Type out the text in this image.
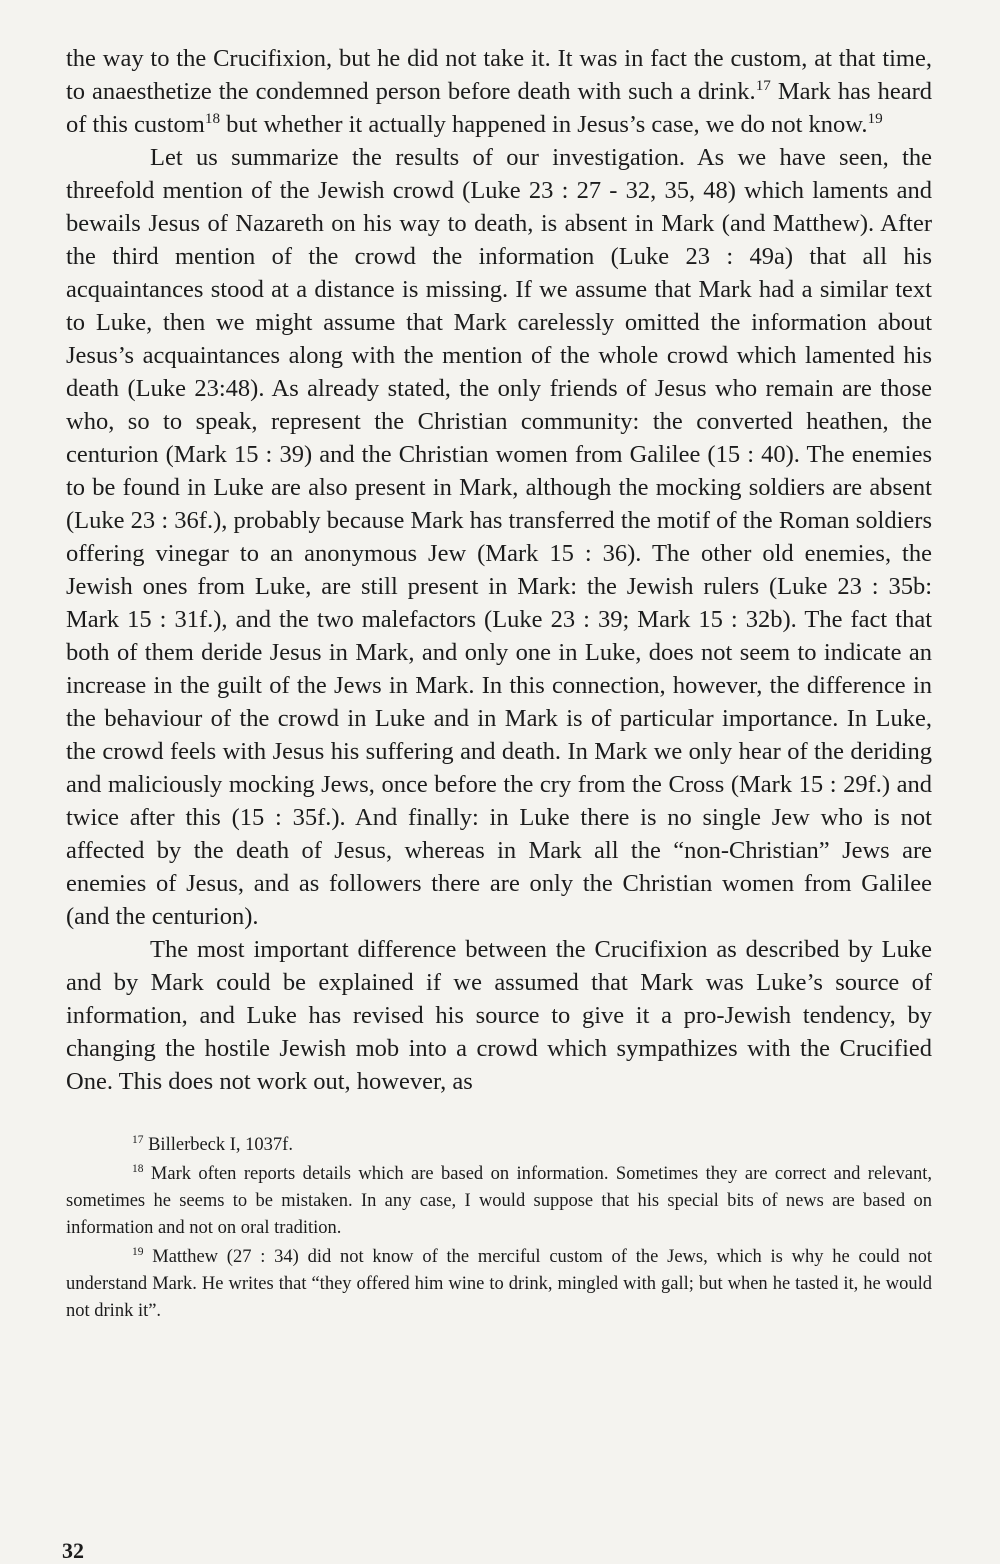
the way to the Crucifixion, but he did not take it. It was in fact the custom, at that time, to anaesthetize the condemned person before death with such a drink.$^{17}$ Mark has heard of this custom$^{18}$ but whether it actually happened in Jesus’s case, we do not know.$^{19}$

Let us summarize the results of our investigation. As we have seen, the threefold mention of the Jewish crowd (Luke 23 : 27 - 32, 35, 48) which laments and bewails Jesus of Nazareth on his way to death, is absent in Mark (and Matthew). After the third mention of the crowd the information (Luke 23 : 49a) that all his acquaintances stood at a distance is missing. If we assume that Mark had a similar text to Luke, then we might assume that Mark carelessly omitted the information about Jesus’s acquaintances along with the mention of the whole crowd which lamented his death (Luke 23:48). As already stated, the only friends of Jesus who remain are those who, so to speak, represent the Christian community: the converted heathen, the centurion (Mark 15 : 39) and the Christian women from Galilee (15 : 40). The enemies to be found in Luke are also present in Mark, although the mocking soldiers are absent (Luke 23 : 36f.), probably because Mark has transferred the motif of the Roman soldiers offering vinegar to an anonymous Jew (Mark 15 : 36). The other old enemies, the Jewish ones from Luke, are still present in Mark: the Jewish rulers (Luke 23 : 35b: Mark 15 : 31f.), and the two malefactors (Luke 23 : 39; Mark 15 : 32b). The fact that both of them deride Jesus in Mark, and only one in Luke, does not seem to indicate an increase in the guilt of the Jews in Mark. In this connection, however, the difference in the behaviour of the crowd in Luke and in Mark is of particular importance. In Luke, the crowd feels with Jesus his suffering and death. In Mark we only hear of the deriding and maliciously mocking Jews, once before the cry from the Cross (Mark 15 : 29f.) and twice after this (15 : 35f.). And finally: in Luke there is no single Jew who is not affected by the death of Jesus, whereas in Mark all the “non-Christian” Jews are enemies of Jesus, and as followers there are only the Christian women from Galilee (and the centurion).

The most important difference between the Crucifixion as described by Luke and by Mark could be explained if we assumed that Mark was Luke’s source of information, and Luke has revised his source to give it a pro-Jewish tendency, by changing the hostile Jewish mob into a crowd which sympathizes with the Crucified One. This does not work out, however, as

$^{17}$ Billerbeck I, 1037f.

$^{18}$ Mark often reports details which are based on information. Sometimes they are correct and relevant, sometimes he seems to be mistaken. In any case, I would suppose that his special bits of news are based on information and not on oral tradition.

$^{19}$ Matthew (27 : 34) did not know of the merciful custom of the Jews, which is why he could not understand Mark. He writes that “they offered him wine to drink, mingled with gall; but when he tasted it, he would not drink it”.

32
